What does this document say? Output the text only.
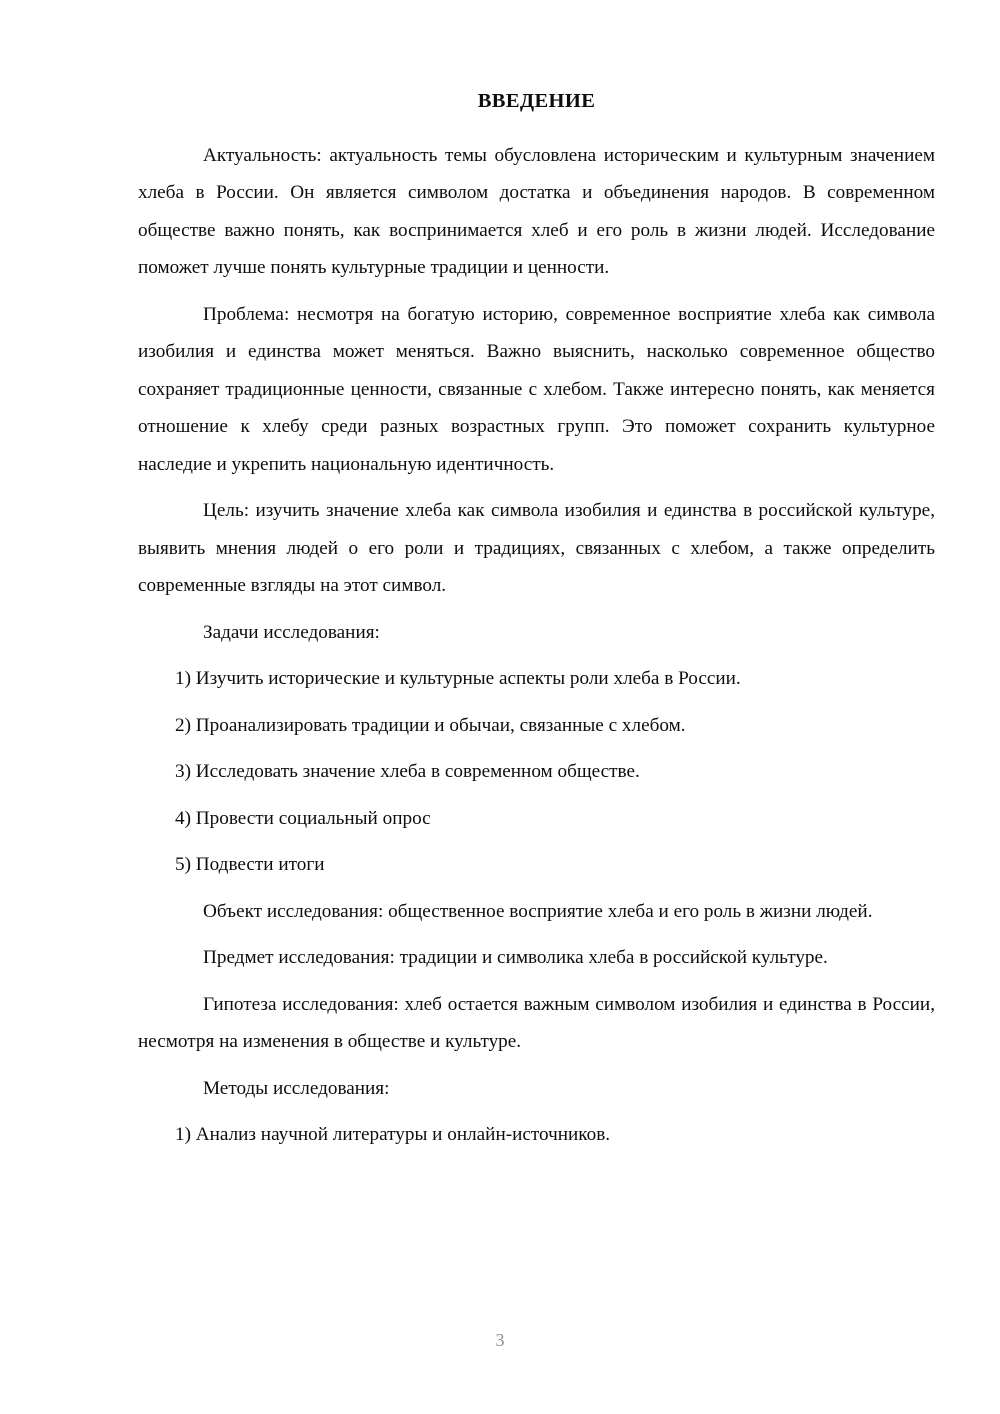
ВВЕДЕНИЕ

Актуальность: актуальность темы обусловлена историческим и культурным значением хлеба в России. Он является символом достатка и объединения народов. В современном обществе важно понять, как воспринимается хлеб и его роль в жизни людей. Исследование поможет лучше понять культурные традиции и ценности.

Проблема: несмотря на богатую историю, современное восприятие хлеба как символа изобилия и единства может меняться. Важно выяснить, насколько современное общество сохраняет традиционные ценности, связанные с хлебом. Также интересно понять, как меняется отношение к хлебу среди разных возрастных групп. Это поможет сохранить культурное наследие и укрепить национальную идентичность.

Цель: изучить значение хлеба как символа изобилия и единства в российской культуре, выявить мнения людей о его роли и традициях, связанных с хлебом, а также определить современные взгляды на этот символ.

Задачи исследования:

1) Изучить исторические и культурные аспекты роли хлеба в России.
2) Проанализировать традиции и обычаи, связанные с хлебом.
3) Исследовать значение хлеба в современном обществе.
4) Провести социальный опрос
5) Подвести итоги

Объект исследования: общественное восприятие хлеба и его роль в жизни людей.

Предмет исследования: традиции и символика хлеба в российской культуре.

Гипотеза исследования: хлеб остается важным символом изобилия и единства в России, несмотря на изменения в обществе и культуре.

Методы исследования:

1) Анализ научной литературы и онлайн-источников.
3
